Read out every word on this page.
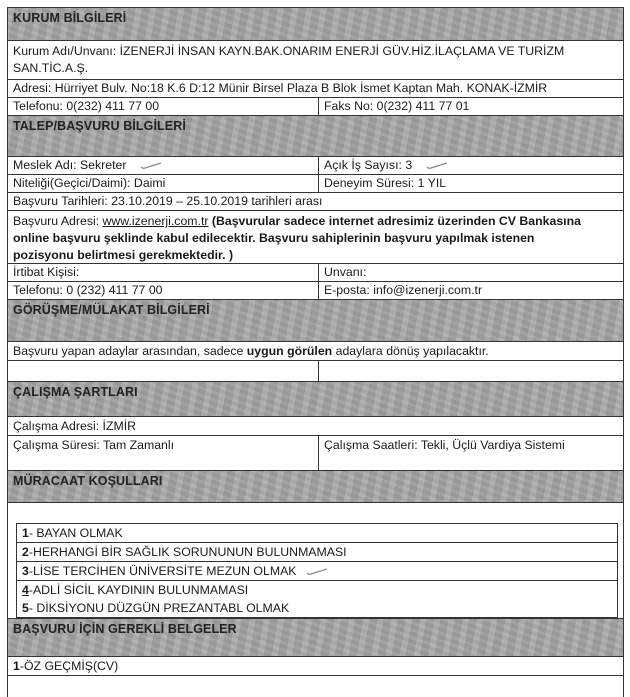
KURUM BİLGİLERİ
Kurum Adı/Unvanı: İZENERJİ İNSAN KAYN.BAK.ONARIM ENERJİ GÜV.HİZ.İLAÇLAMA VE TURİZM SAN.TİC.A.Ş.
Adresi: Hürriyet Bulv. No:18 K.6 D:12 Münir Birsel Plaza B Blok İsmet Kaptan Mah. KONAK-İZMİR
Telefonu: 0(232) 411 77 00	Faks No: 0(232) 411 77 01
TALEP/BAŞVURU BİLGİLERİ
Meslek Adı: Sekreter	Açık İş Sayısı: 3
Niteliği(Geçici/Daimi): Daimi	Deneyim Süresi: 1 YIL
Başvuru Tarihleri: 23.10.2019 – 25.10.2019 tarihleri arası
Başvuru Adresi: www.izenerji.com.tr (Başvurular sadece internet adresimiz üzerinden CV Bankasına online başvuru şeklinde kabul edilecektir. Başvuru sahiplerinin başvuru yapılmak istenen pozisyonu belirtmesi gerekmektedir. )
İrtibat Kişisi:	Unvanı:
Telefonu: 0 (232) 411 77 00	E-posta: info@izenerji.com.tr
GÖRÜŞME/MÜLAKAT BİLGİLERİ
Başvuru yapan adaylar arasından, sadece uygun görülen adaylara dönüş yapılacaktır.
ÇALIŞMA ŞARTLARI
Çalışma Adresi: İZMİR
Çalışma Süresi: Tam Zamanlı	Çalışma Saatleri: Tekli, Üçlü Vardiya Sistemi
MÜRACAAT KOŞULLARI
1- BAYAN OLMAK
2-HERHANGİ BİR SAĞLIK SORUNUNUN BULUNMAMASI
3-LİSE TERCİHEN ÜNİVERSİTE MEZUN OLMAK
4-ADLİ SİCİL KAYDININ BULUNMAMASI
5- DİKSİYONU DÜZGÜN PREZANTABL OLMAK
BAŞVURU İÇİN GEREKLİ BELGELER
1-ÖZ GEÇMİŞ(CV)
